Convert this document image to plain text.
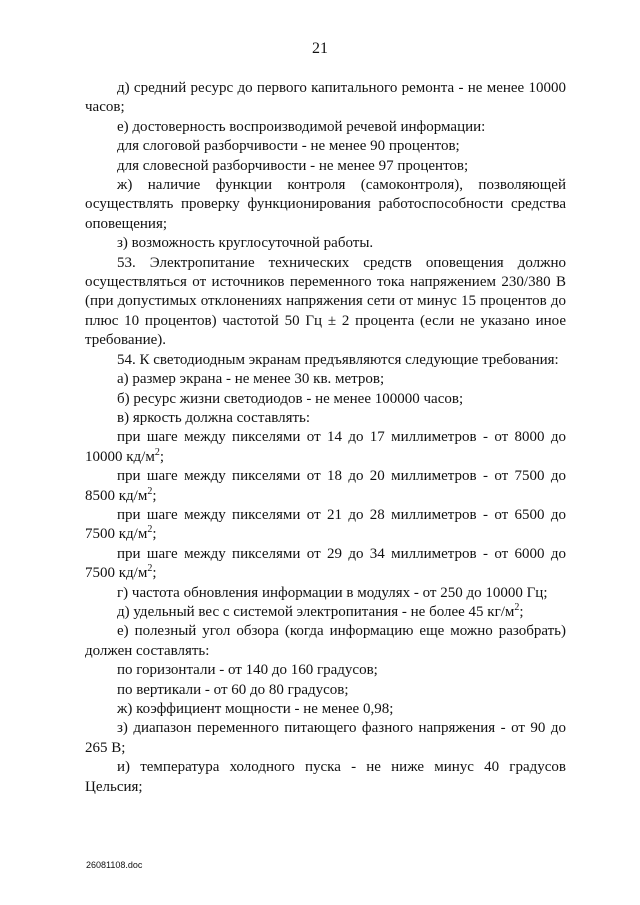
21

д) средний ресурс до первого капитального ремонта - не менее 10000 часов;

е) достоверность воспроизводимой речевой информации:

для слоговой разборчивости - не менее 90 процентов;

для словесной разборчивости - не менее 97 процентов;

ж) наличие функции контроля (самоконтроля), позволяющей осуществлять проверку функционирования работоспособности средства оповещения;

з) возможность круглосуточной работы.

53. Электропитание технических средств оповещения должно осуществляться от источников переменного тока напряжением 230/380 В (при допустимых отклонениях напряжения сети от минус 15 процентов до плюс 10 процентов) частотой 50 Гц ± 2 процента (если не указано иное требование).

54. К светодиодным экранам предъявляются следующие требования:

а) размер экрана - не менее 30 кв. метров;

б) ресурс жизни светодиодов - не менее 100000 часов;

в) яркость должна составлять:

при шаге между пикселями от 14 до 17 миллиметров - от 8000 до 10000 $кд/м^2$;

при шаге между пикселями от 18 до 20 миллиметров - от 7500 до 8500 $кд/м^2$;

при шаге между пикселями от 21 до 28 миллиметров - от 6500 до 7500 $кд/м^2$;

при шаге между пикселями от 29 до 34 миллиметров - от 6000 до 7500 $кд/м^2$;

г) частота обновления информации в модулях - от 250 до 10000 Гц;

д) удельный вес с системой электропитания - не более 45 $кг/м^2$;

е) полезный угол обзора (когда информацию еще можно разобрать) должен составлять:

по горизонтали - от 140 до 160 градусов;

по вертикали - от 60 до 80 градусов;

ж) коэффициент мощности - не менее 0,98;

з) диапазон переменного питающего фазного напряжения - от 90 до 265 В;

и) температура холодного пуска - не ниже минус 40 градусов Цельсия;

26081108.doc
